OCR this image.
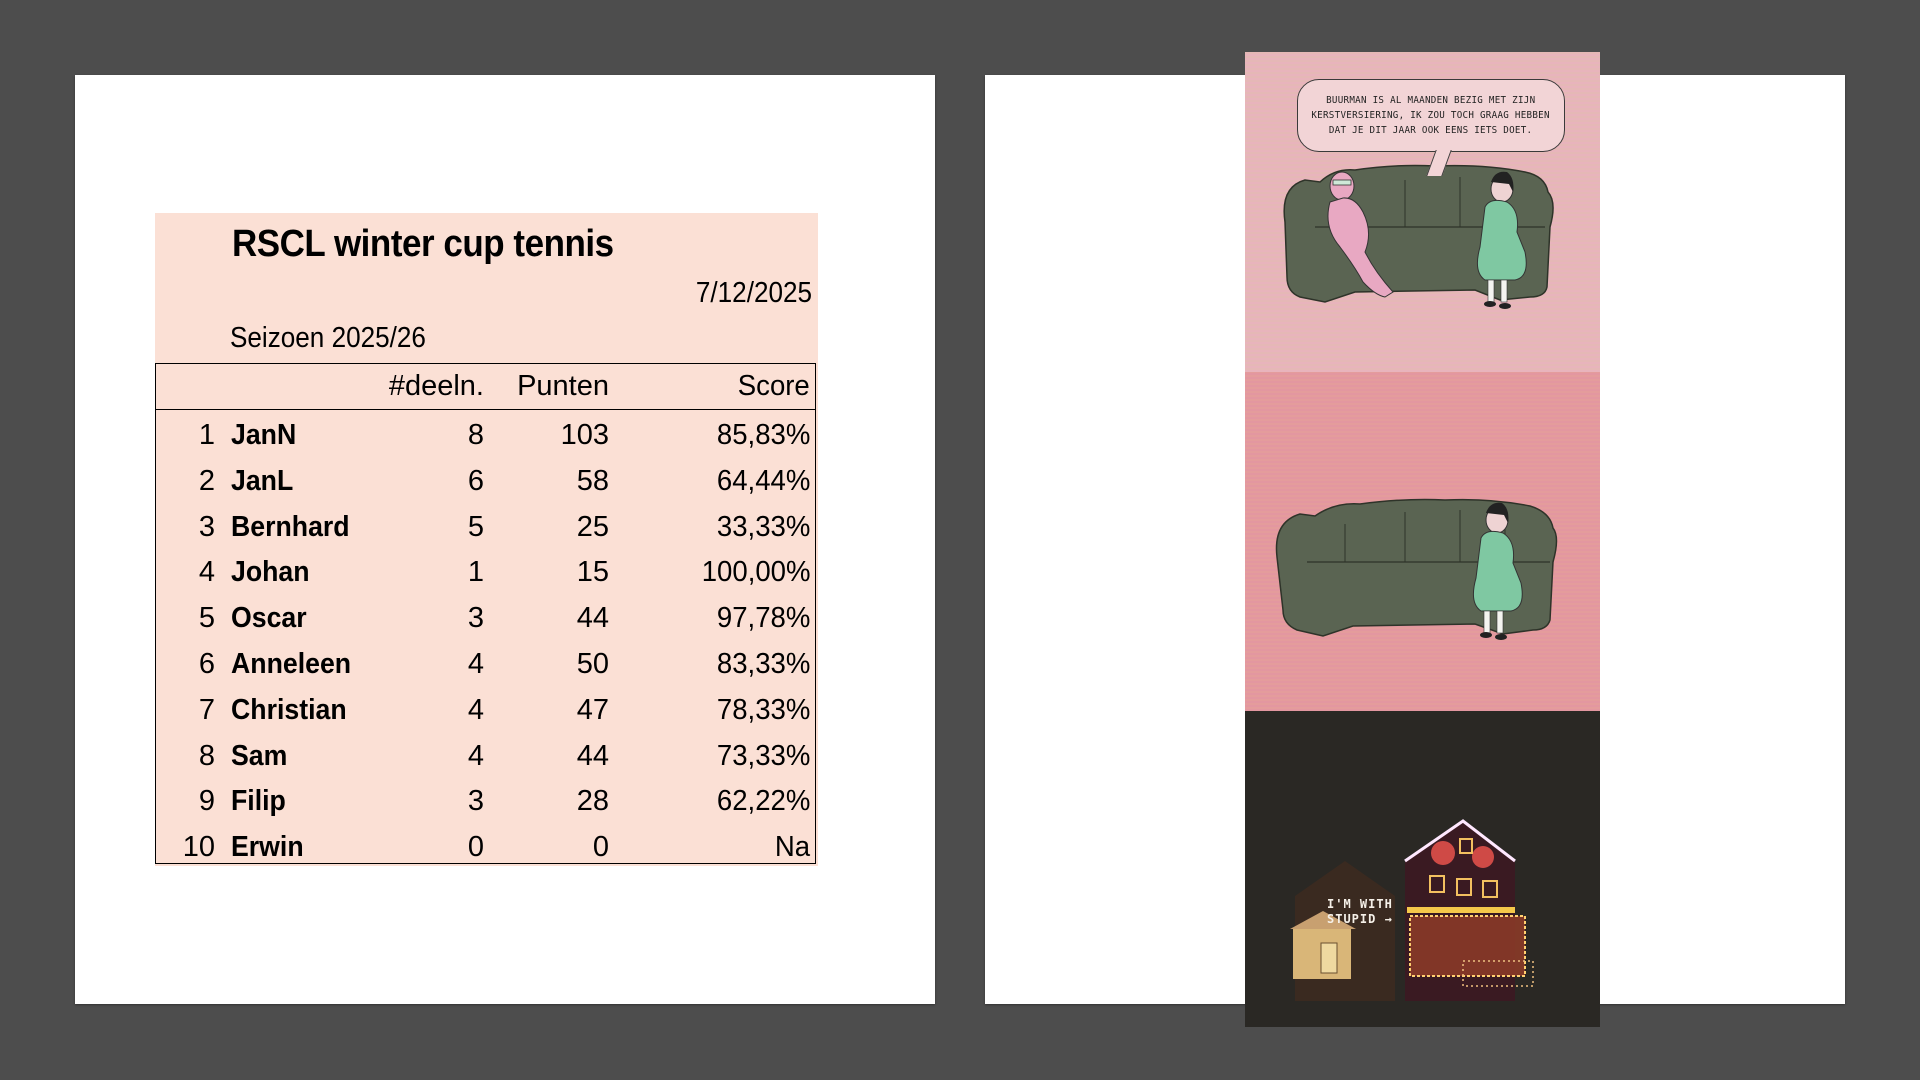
RSCL winter cup tennis
7/12/2025
Seizoen 2025/26
#deeln. Punten	Score
1 JanN	8	103	85,83%
2 JanL	6	58	64,44%
3 Bernhard	5	25	33,33%
4 Johan	1	15	100,00%
5 Oscar	3	44	97,78%
6 Anneleen	4	50	83,33%
7 Christian	4	47	78,33%
8 Sam	4	44	73,33%
9 Filip	3	28	62,22%
10 Erwin	0	0	Na
BUURMAN IS AL MAANDEN BEZIG MET ZIJN
KERSTVERSIERING, IK ZOU TOCH GRAAG HEBBEN
DAT JE DIT JAAR OOK EENS IETS DOET.
I'M WITH
STUPID →
